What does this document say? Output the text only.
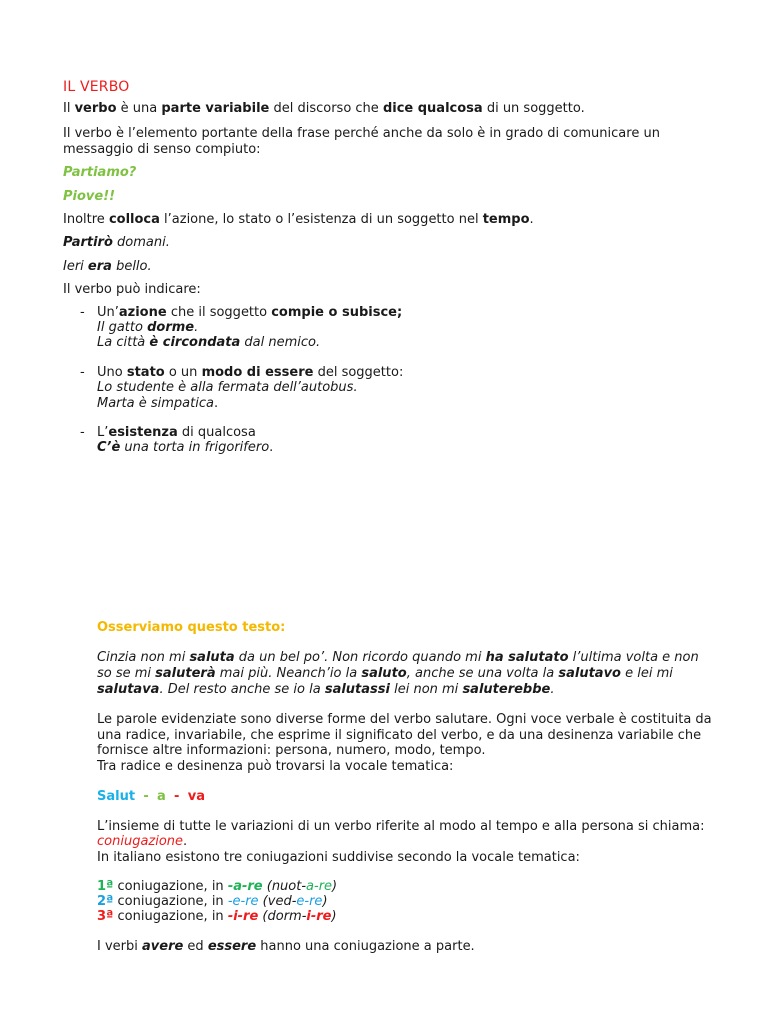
IL VERBO
Il verbo è una parte variabile del discorso che dice qualcosa di un soggetto.
Il verbo è l’elemento portante della frase perché anche da solo è in grado di comunicare un
messaggio di senso compiuto:
Partiamo?
Piove!!
Inoltre colloca l’azione, lo stato o l’esistenza di un soggetto nel tempo.
Partirò domani.
Ieri era bello.
Il verbo può indicare:
- Un’azione che il soggetto compie o subisce;
Il gatto dorme.
La città è circondata dal nemico.
- Uno stato o un modo di essere del soggetto:
Lo studente è alla fermata dell’autobus.
Marta è simpatica.
- L’esistenza di qualcosa
C’è una torta in frigorifero.
Osserviamo questo testo:
Cinzia non mi saluta da un bel po’. Non ricordo quando mi ha salutato l’ultima volta e non
so se mi saluterà mai più. Neanch’io la saluto, anche se una volta la salutavo e lei mi
salutava. Del resto anche se io la salutassi lei non mi saluterebbe.
Le parole evidenziate sono diverse forme del verbo salutare. Ogni voce verbale è costituita da
una radice, invariabile, che esprime il significato del verbo, e da una desinenza variabile che
fornisce altre informazioni: persona, numero, modo, tempo.
Tra radice e desinenza può trovarsi la vocale tematica:
Salut - a - va
L’insieme di tutte le variazioni di un verbo riferite al modo al tempo e alla persona si chiama:
coniugazione.
In italiano esistono tre coniugazioni suddivise secondo la vocale tematica:
1ª coniugazione, in -a-re (nuot-a-re)
2ª coniugazione, in -e-re (ved-e-re)
3ª coniugazione, in -i-re (dorm-i-re)
I verbi avere ed essere hanno una coniugazione a parte.
